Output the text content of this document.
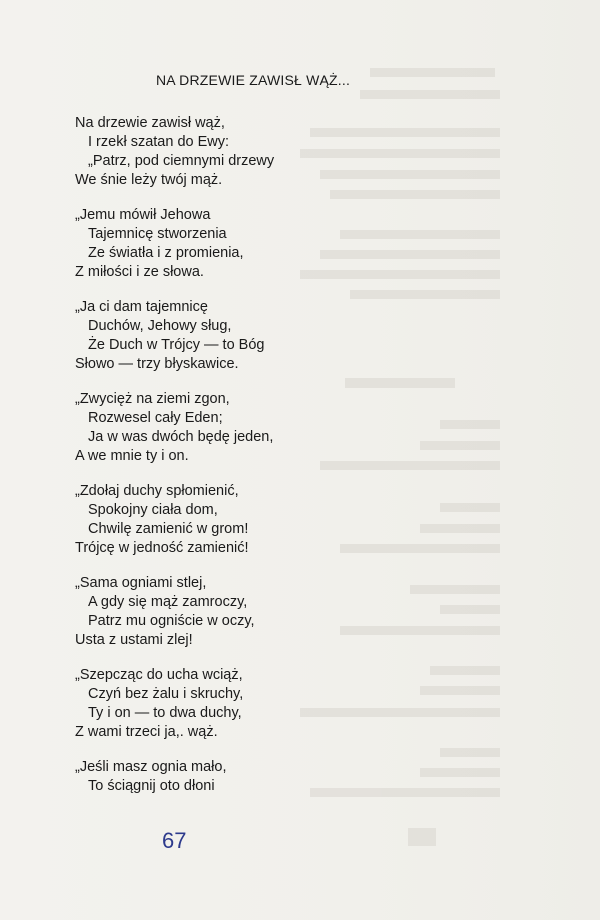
NA DRZEWIE ZAWISŁ WĄŻ...
Na drzewie zawisł wąż,
I rzekł szatan do Ewy:
„Patrz, pod ciemnymi drzewy
We śnie leży twój mąż.
„Jemu mówił Jehowa
Tajemnicę stworzenia
Ze światła i z promienia,
Z miłości i ze słowa.
„Ja ci dam tajemnicę
Duchów, Jehowy sług,
Że Duch w Trójcy — to Bóg
Słowo — trzy błyskawice.
„Zwycięż na ziemi zgon,
Rozwesel cały Eden;
Ja w was dwóch będę jeden,
A we mnie ty i on.
„Zdołaj duchy spłomienić,
Spokojny ciała dom,
Chwilę zamienić w grom!
Trójcę w jedność zamienić!
„Sama ogniami stlej,
A gdy się mąż zamroczy,
Patrz mu ogniście w oczy,
Usta z ustami zlej!
„Szepcząc do ucha wciąż,
Czyń bez żalu i skruchy,
Ty i on — to dwa duchy,
Z wami trzeci ja,. wąż.
„Jeśli masz ognia mało,
To ściągnij oto dłoni
67
